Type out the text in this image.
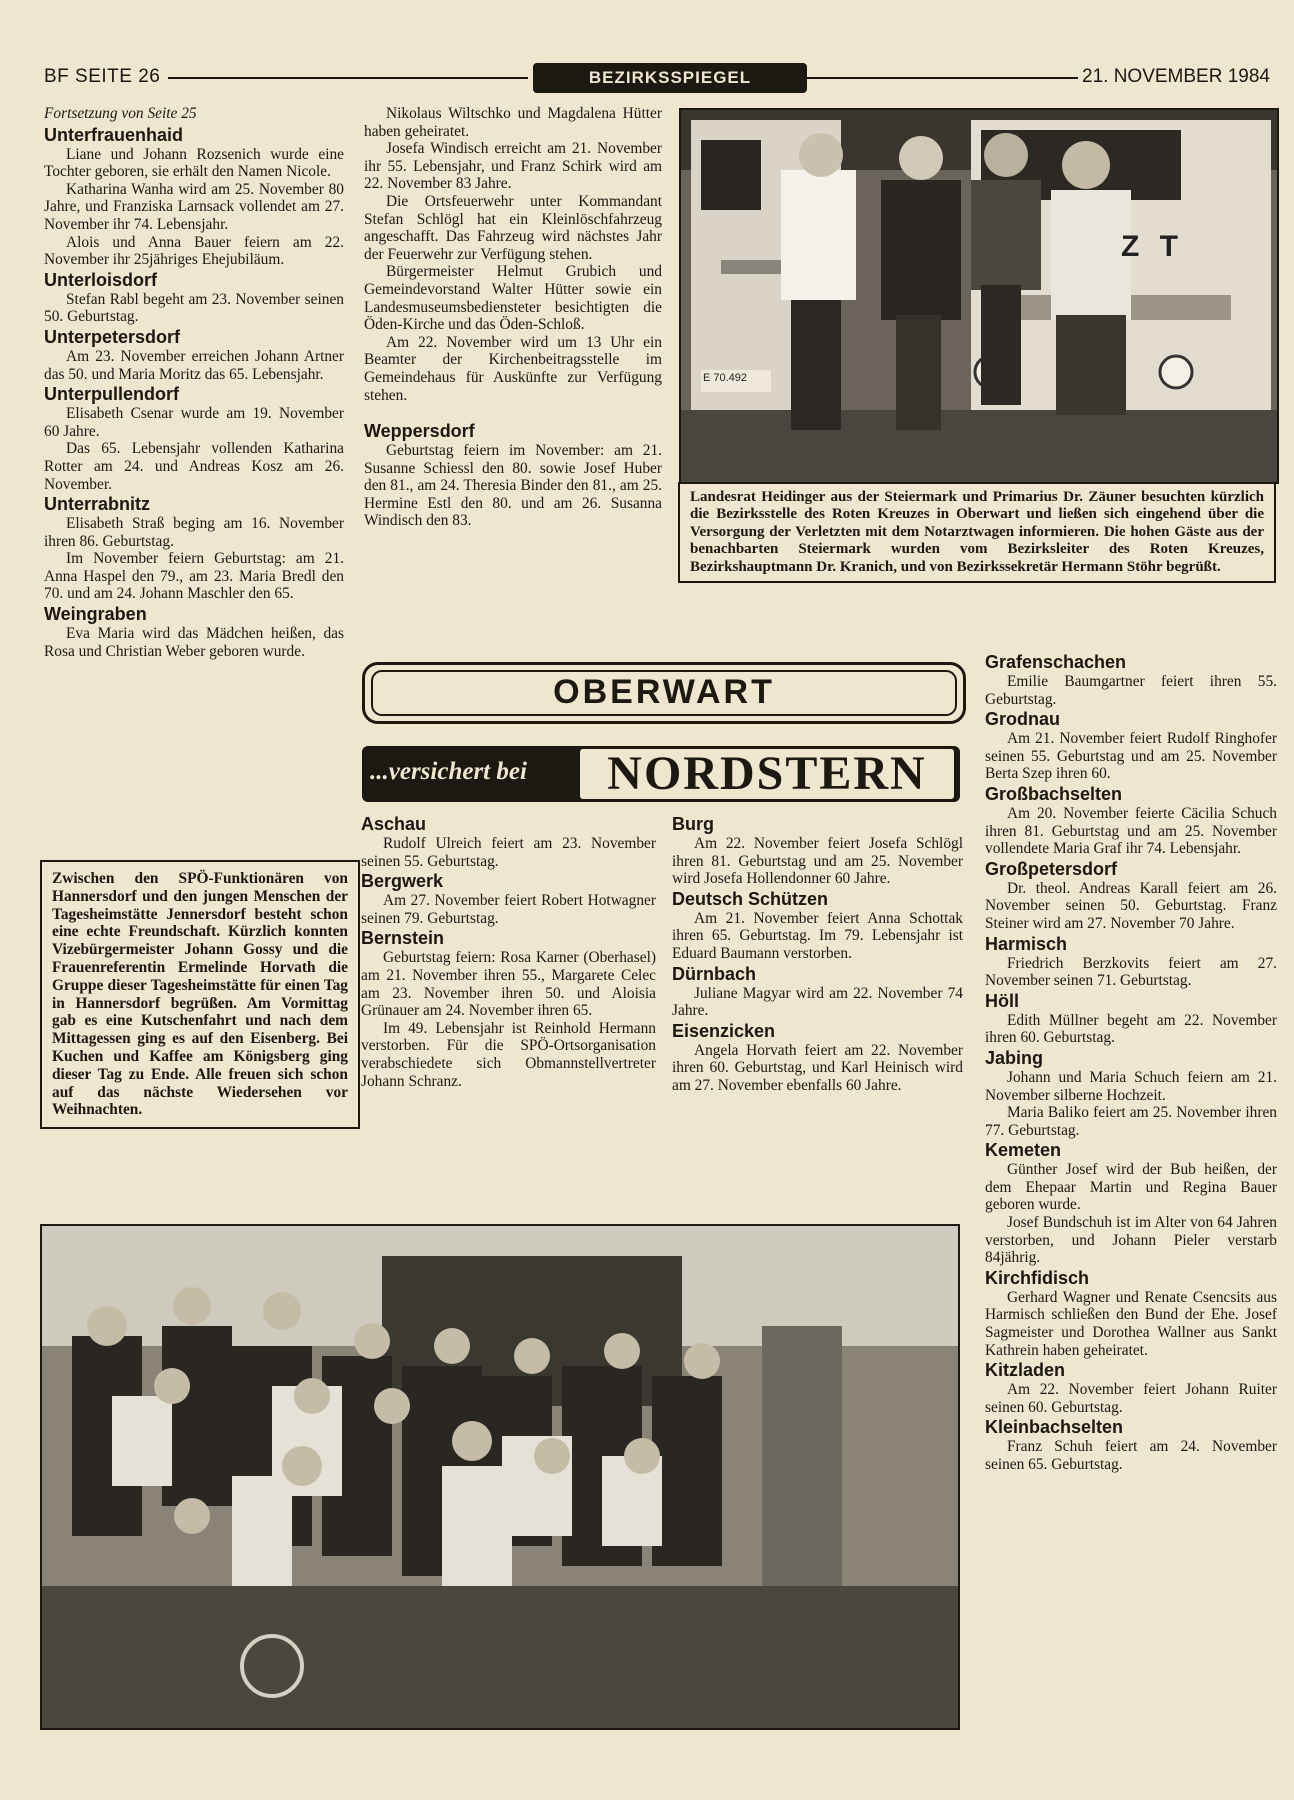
BF SEITE 26	BEZIRKSSPIEGEL	21. NOVEMBER 1984

Fortsetzung von Seite 25

Unterfrauenhaid

Liane und Johann Rozsenich wurde eine Tochter geboren, sie erhält den Namen Nicole.

Katharina Wanha wird am 25. November 80 Jahre, und Franziska Larnsack vollendet am 27. November ihr 74. Lebensjahr.

Alois und Anna Bauer feiern am 22. November ihr 25jähriges Ehejubiläum.

Unterloisdorf

Stefan Rabl begeht am 23. November seinen 50. Geburtstag.

Unterpetersdorf

Am 23. November erreichen Johann Artner das 50. und Maria Moritz das 65. Lebensjahr.

Unterpullendorf

Elisabeth Csenar wurde am 19. November 60 Jahre.

Das 65. Lebensjahr vollenden Katharina Rotter am 24. und Andreas Kosz am 26. November.

Unterrabnitz

Elisabeth Straß beging am 16. November ihren 86. Geburtstag.

Im November feiern Geburtstag: am 21. Anna Haspel den 79., am 23. Maria Bredl den 70. und am 24. Johann Maschler den 65.

Weingraben

Eva Maria wird das Mädchen heißen, das Rosa und Christian Weber geboren wurde.

Nikolaus Wiltschko und Magdalena Hütter haben geheiratet.

Josefa Windisch erreicht am 21. November ihr 55. Lebensjahr, und Franz Schirk wird am 22. November 83 Jahre.

Die Ortsfeuerwehr unter Kommandant Stefan Schlögl hat ein Kleinlöschfahrzeug angeschafft. Das Fahrzeug wird nächstes Jahr der Feuerwehr zur Verfügung stehen.

Bürgermeister Helmut Grubich und Gemeindevorstand Walter Hütter sowie ein Landesmuseumsbediensteter besichtigten die Öden-Kirche und das Öden-Schloß.

Am 22. November wird um 13 Uhr ein Beamter der Kirchenbeitragsstelle im Gemeindehaus für Auskünfte zur Verfügung stehen.

Weppersdorf

Geburtstag feiern im November: am 21. Susanne Schiessl den 80. sowie Josef Huber den 81., am 24. Theresia Binder den 81., am 25. Hermine Estl den 80. und am 26. Susanna Windisch den 83.

Z T
E 70.492
Landesrat Heidinger aus der Steiermark und Primarius Dr. Zäuner besuchten kürzlich die Bezirksstelle des Roten Kreuzes in Oberwart und ließen sich eingehend über die Versorgung der Verletzten mit dem Notarztwagen informieren. Die hohen Gäste aus der benachbarten Steiermark wurden vom Bezirksleiter des Roten Kreuzes, Bezirkshauptmann Dr. Kranich, und von Bezirkssekretär Hermann Stöhr begrüßt.
OBERWART
...versichert bei	NORDSTERN

Aschau

Rudolf Ulreich feiert am 23. November seinen 55. Geburtstag.

Bergwerk

Am 27. November feiert Robert Hotwagner seinen 79. Geburtstag.

Bernstein

Geburtstag feiern: Rosa Karner (Oberhasel) am 21. November ihren 55., Margarete Celec am 23. November ihren 50. und Aloisia Grünauer am 24. November ihren 65.

Im 49. Lebensjahr ist Reinhold Hermann verstorben. Für die SPÖ-Ortsorganisation verabschiedete sich Obmannstellvertreter Johann Schranz.

Burg

Am 22. November feiert Josefa Schlögl ihren 81. Geburtstag und am 25. November wird Josefa Hollendonner 60 Jahre.

Deutsch Schützen

Am 21. November feiert Anna Schottak ihren 65. Geburtstag. Im 79. Lebensjahr ist Eduard Baumann verstorben.

Dürnbach

Juliane Magyar wird am 22. November 74 Jahre.

Eisenzicken

Angela Horvath feiert am 22. November ihren 60. Geburtstag, und Karl Heinisch wird am 27. November ebenfalls 60 Jahre.

Grafenschachen

Emilie Baumgartner feiert ihren 55. Geburtstag.

Grodnau

Am 21. November feiert Rudolf Ringhofer seinen 55. Geburtstag und am 25. November Berta Szep ihren 60.

Großbachselten

Am 20. November feierte Cäcilia Schuch ihren 81. Geburtstag und am 25. November vollendete Maria Graf ihr 74. Lebensjahr.

Großpetersdorf

Dr. theol. Andreas Karall feiert am 26. November seinen 50. Geburtstag. Franz Steiner wird am 27. November 70 Jahre.

Harmisch

Friedrich Berzkovits feiert am 27. November seinen 71. Geburtstag.

Höll

Edith Müllner begeht am 22. November ihren 60. Geburtstag.

Jabing

Johann und Maria Schuch feiern am 21. November silberne Hochzeit.

Maria Baliko feiert am 25. November ihren 77. Geburtstag.

Kemeten

Günther Josef wird der Bub heißen, der dem Ehepaar Martin und Regina Bauer geboren wurde.

Josef Bundschuh ist im Alter von 64 Jahren verstorben, und Johann Pieler verstarb 84jährig.

Kirchfidisch

Gerhard Wagner und Renate Csencsits aus Harmisch schließen den Bund der Ehe. Josef Sagmeister und Dorothea Wallner aus Sankt Kathrein haben geheiratet.

Kitzladen

Am 22. November feiert Johann Ruiter seinen 60. Geburtstag.

Kleinbachselten

Franz Schuh feiert am 24. November seinen 65. Geburtstag.

Zwischen den SPÖ-Funktionären von Hannersdorf und den jungen Menschen der Tagesheimstätte Jennersdorf besteht schon eine echte Freundschaft. Kürzlich konnten Vizebürgermeister Johann Gossy und die Frauenreferentin Ermelinde Horvath die Gruppe dieser Tagesheimstätte für einen Tag in Hannersdorf begrüßen. Am Vormittag gab es eine Kutschenfahrt und nach dem Mittagessen ging es auf den Eisenberg. Bei Kuchen und Kaffee am Königsberg ging dieser Tag zu Ende. Alle freuen sich schon auf das nächste Wiedersehen vor Weihnachten.
